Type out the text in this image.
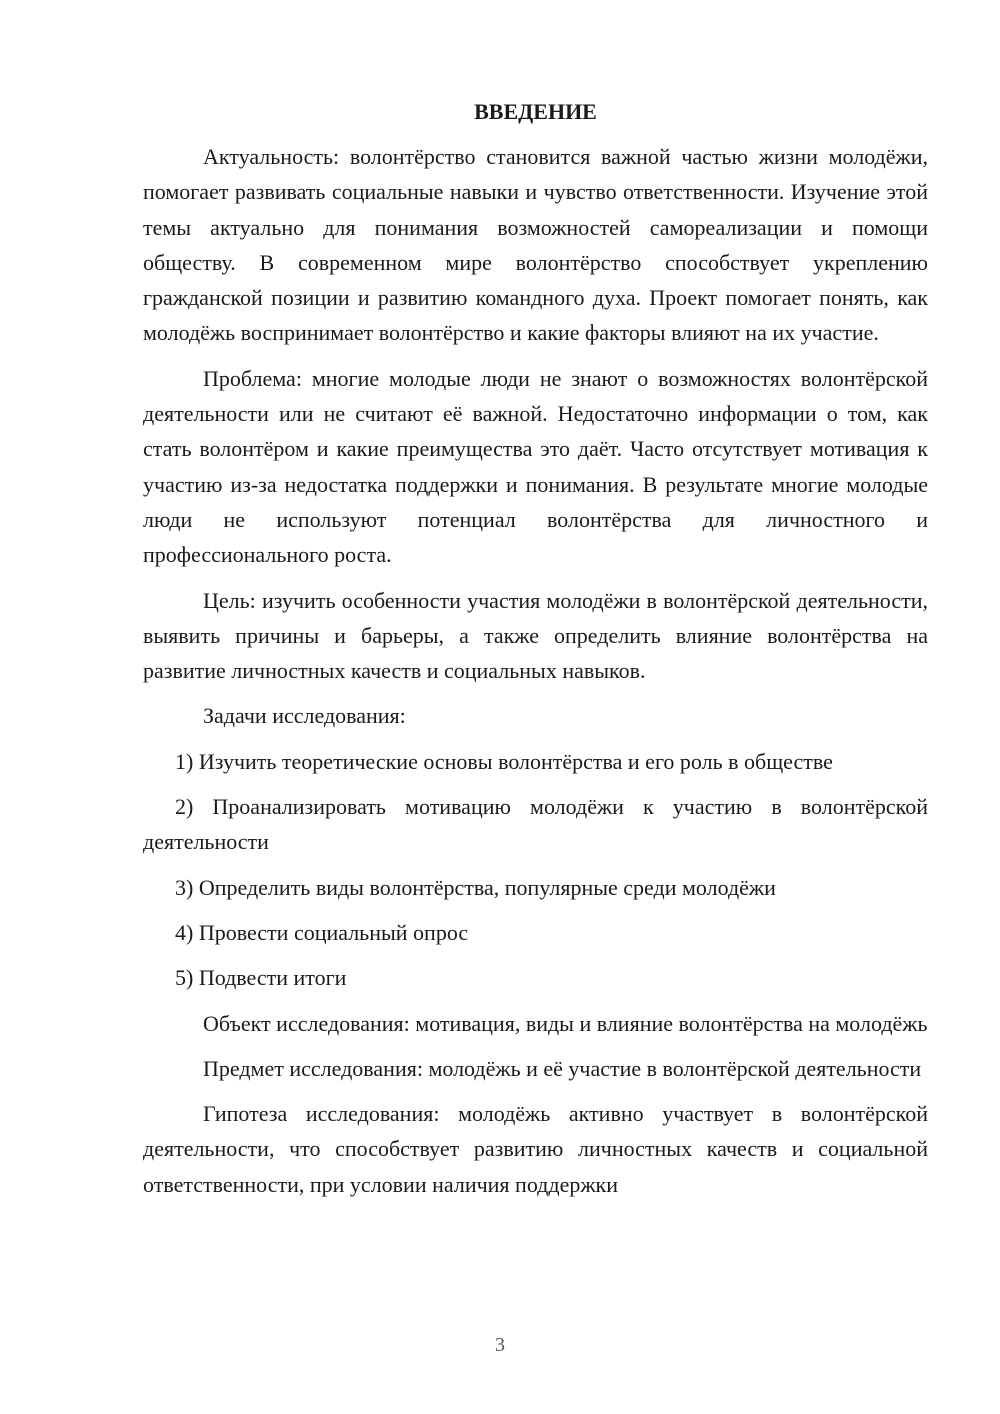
ВВЕДЕНИЕ

Актуальность: волонтёрство становится важной частью жизни молодёжи, помогает развивать социальные навыки и чувство ответственности. Изучение этой темы актуально для понимания возможностей самореализации и помощи обществу. В современном мире волонтёрство способствует укреплению гражданской позиции и развитию командного духа. Проект помогает понять, как молодёжь воспринимает волонтёрство и какие факторы влияют на их участие.

Проблема: многие молодые люди не знают о возможностях волонтёрской деятельности или не считают её важной. Недостаточно информации о том, как стать волонтёром и какие преимущества это даёт. Часто отсутствует мотивация к участию из-за недостатка поддержки и понимания. В результате многие молодые люди не используют потенциал волонтёрства для личностного и профессионального роста.

Цель: изучить особенности участия молодёжи в волонтёрской деятельности, выявить причины и барьеры, а также определить влияние волонтёрства на развитие личностных качеств и социальных навыков.

Задачи исследования:

1) Изучить теоретические основы волонтёрства и его роль в обществе

2) Проанализировать мотивацию молодёжи к участию в волонтёрской деятельности

3) Определить виды волонтёрства, популярные среди молодёжи

4) Провести социальный опрос

5) Подвести итоги

Объект исследования: мотивация, виды и влияние волонтёрства на молодёжь

Предмет исследования: молодёжь и её участие в волонтёрской деятельности

Гипотеза исследования: молодёжь активно участвует в волонтёрской деятельности, что способствует развитию личностных качеств и социальной ответственности, при условии наличия поддержки

3
